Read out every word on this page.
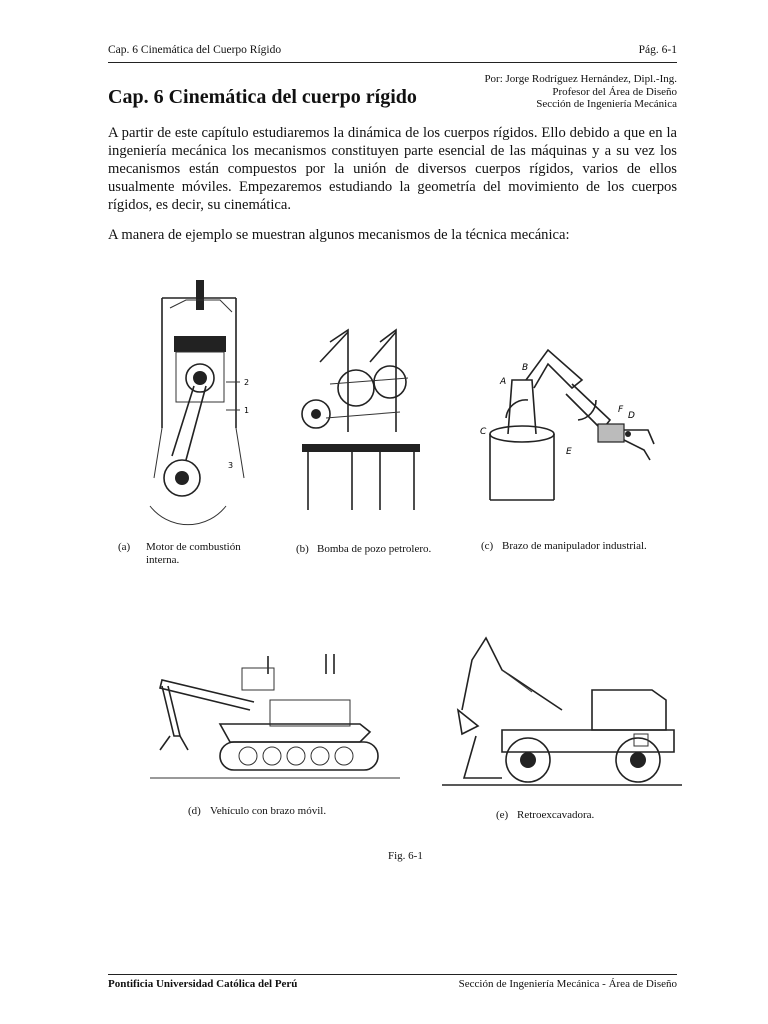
Cap. 6 Cinemática del Cuerpo Rígido	Pág. 6-1
Cap. 6 Cinemática del cuerpo rígido
Por: Jorge Rodríguez Hernández, Dipl.-Ing.
Profesor del Área de Diseño
Sección de Ingeniería Mecánica
A partir de este capítulo estudiaremos la dinámica de los cuerpos rígidos. Ello debido a que en la ingeniería mecánica los mecanismos constituyen parte esencial de las máquinas y a su vez los mecanismos están compuestos por la unión de diversos cuerpos rígidos, varios de ellos usualmente móviles. Empezaremos estudiando la geometría del movimiento de los cuerpos rígidos, es decir, su cinemática.
A manera de ejemplo se muestran algunos mecanismos de la técnica mecánica:
2
1
3
A
B
C
D
E
F
(a) Motor de combustión interna.
(b) Bomba de pozo petrolero.	(c) Brazo de manipulador industrial.
(d) Vehículo con brazo móvil.	(e) Retroexcavadora.
Fig. 6-1
Pontificia Universidad Católica del Perú	Sección de Ingeniería Mecánica - Área de Diseño
